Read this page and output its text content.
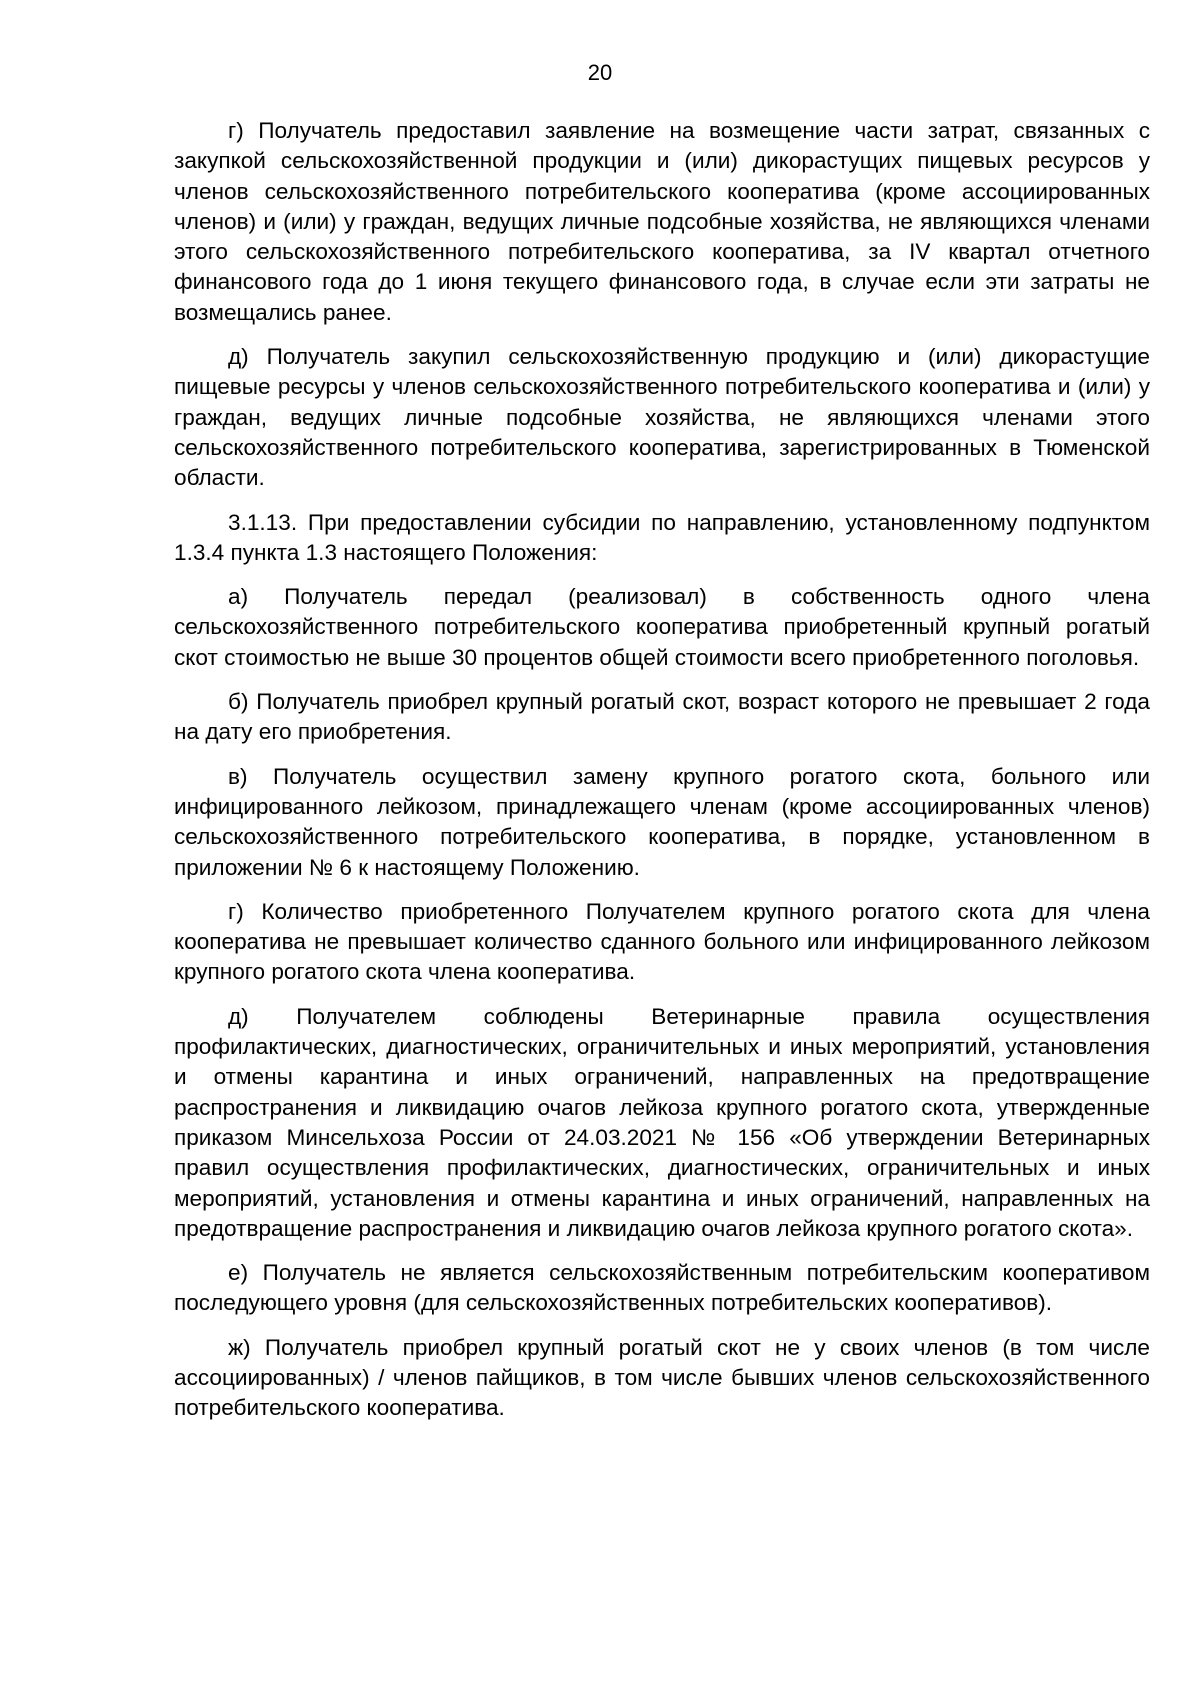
20

г) Получатель предоставил заявление на возмещение части затрат, связанных с закупкой сельскохозяйственной продукции и (или) дикорастущих пищевых ресурсов у членов сельскохозяйственного потребительского кооператива (кроме ассоциированных членов) и (или) у граждан, ведущих личные подсобные хозяйства, не являющихся членами этого сельскохозяйственного потребительского кооператива, за IV квартал отчетного финансового года до 1 июня текущего финансового года, в случае если эти затраты не возмещались ранее.

д) Получатель закупил сельскохозяйственную продукцию и (или) дикорастущие пищевые ресурсы у членов сельскохозяйственного потребительского кооператива и (или) у граждан, ведущих личные подсобные хозяйства, не являющихся членами этого сельскохозяйственного потребительского кооператива, зарегистрированных в Тюменской области.

3.1.13. При предоставлении субсидии по направлению, установленному подпунктом 1.3.4 пункта 1.3 настоящего Положения:

а) Получатель передал (реализовал) в собственность одного члена сельскохозяйственного потребительского кооператива приобретенный крупный рогатый скот стоимостью не выше 30 процентов общей стоимости всего приобретенного поголовья.

б) Получатель приобрел крупный рогатый скот, возраст которого не превышает 2 года на дату его приобретения.

в) Получатель осуществил замену крупного рогатого скота, больного или инфицированного лейкозом, принадлежащего членам (кроме ассоциированных членов) сельскохозяйственного потребительского кооператива, в порядке, установленном в приложении № 6 к настоящему Положению.

г) Количество приобретенного Получателем крупного рогатого скота для члена кооператива не превышает количество сданного больного или инфицированного лейкозом крупного рогатого скота члена кооператива.

д) Получателем соблюдены Ветеринарные правила осуществления профилактических, диагностических, ограничительных и иных мероприятий, установления и отмены карантина и иных ограничений, направленных на предотвращение распространения и ликвидацию очагов лейкоза крупного рогатого скота, утвержденные приказом Минсельхоза России от 24.03.2021 № 156 «Об утверждении Ветеринарных правил осуществления профилактических, диагностических, ограничительных и иных мероприятий, установления и отмены карантина и иных ограничений, направленных на предотвращение распространения и ликвидацию очагов лейкоза крупного рогатого скота».

е) Получатель не является сельскохозяйственным потребительским кооперативом последующего уровня (для сельскохозяйственных потребительских кооперативов).

ж) Получатель приобрел крупный рогатый скот не у своих членов (в том числе ассоциированных) / членов пайщиков, в том числе бывших членов сельскохозяйственного потребительского кооператива.
